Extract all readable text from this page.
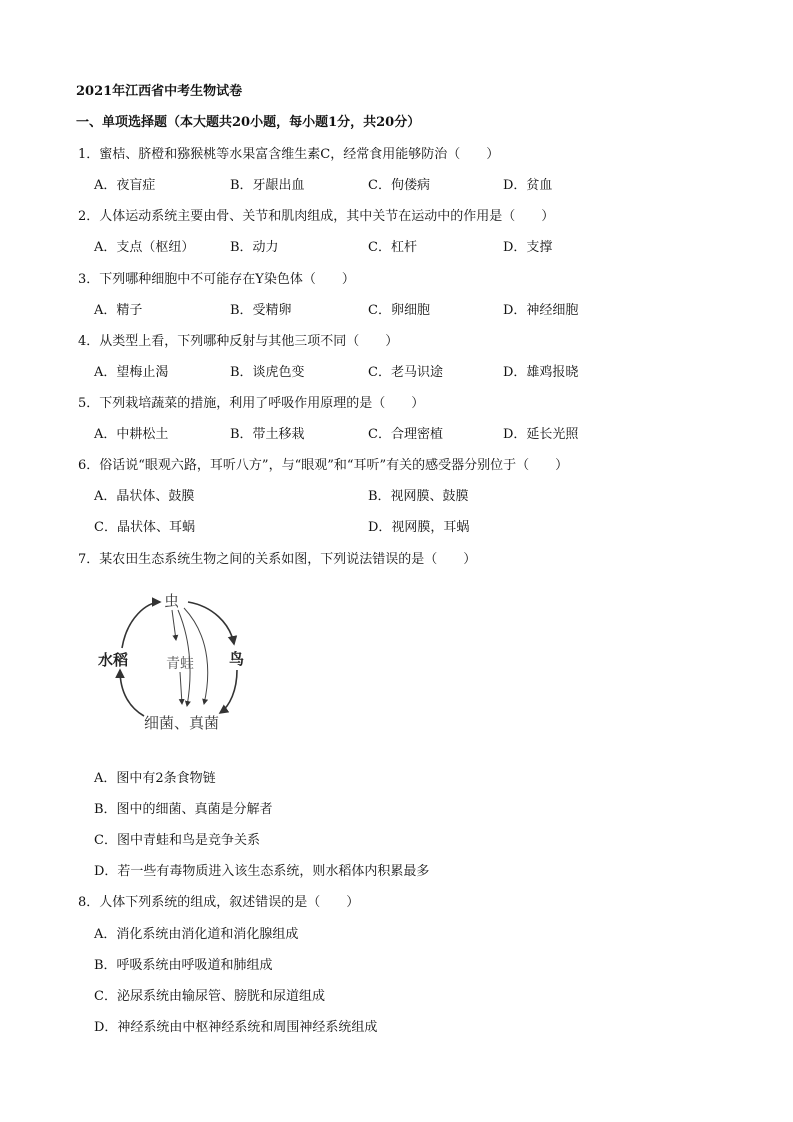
2021年江西省中考生物试卷
一、单项选择题（本大题共20小题，每小题1分，共20分）
1．蜜桔、脐橙和猕猴桃等水果富含维生素C，经常食用能够防治（　　）
A．夜盲症	B．牙龈出血	C．佝偻病	D．贫血
2．人体运动系统主要由骨、关节和肌肉组成，其中关节在运动中的作用是（　　）
A．支点（枢纽）	B．动力	C．杠杆	D．支撑
3．下列哪种细胞中不可能存在Y染色体（　　）
A．精子	B．受精卵	C．卵细胞	D．神经细胞
4．从类型上看，下列哪种反射与其他三项不同（　　）
A．望梅止渴	B．谈虎色变	C．老马识途	D．雄鸡报晓
5．下列栽培蔬菜的措施，利用了呼吸作用原理的是（　　）
A．中耕松土	B．带土移栽	C．合理密植	D．延长光照
6．俗话说“眼观六路，耳听八方”，与“眼观”和“耳听”有关的感受器分别位于（　　）
A．晶状体、鼓膜	B．视网膜、鼓膜
C．晶状体、耳蜗	D．视网膜，耳蜗
7．某农田生态系统生物之间的关系如图，下列说法错误的是（　　）
虫
水稻	青蛙 鸟
细菌、真菌
A．图中有2条食物链
B．图中的细菌、真菌是分解者
C．图中青蛙和鸟是竞争关系
D．若一些有毒物质进入该生态系统，则水稻体内积累最多
8．人体下列系统的组成，叙述错误的是（　　）
A．消化系统由消化道和消化腺组成
B．呼吸系统由呼吸道和肺组成
C．泌尿系统由输尿管、膀胱和尿道组成
D．神经系统由中枢神经系统和周围神经系统组成
